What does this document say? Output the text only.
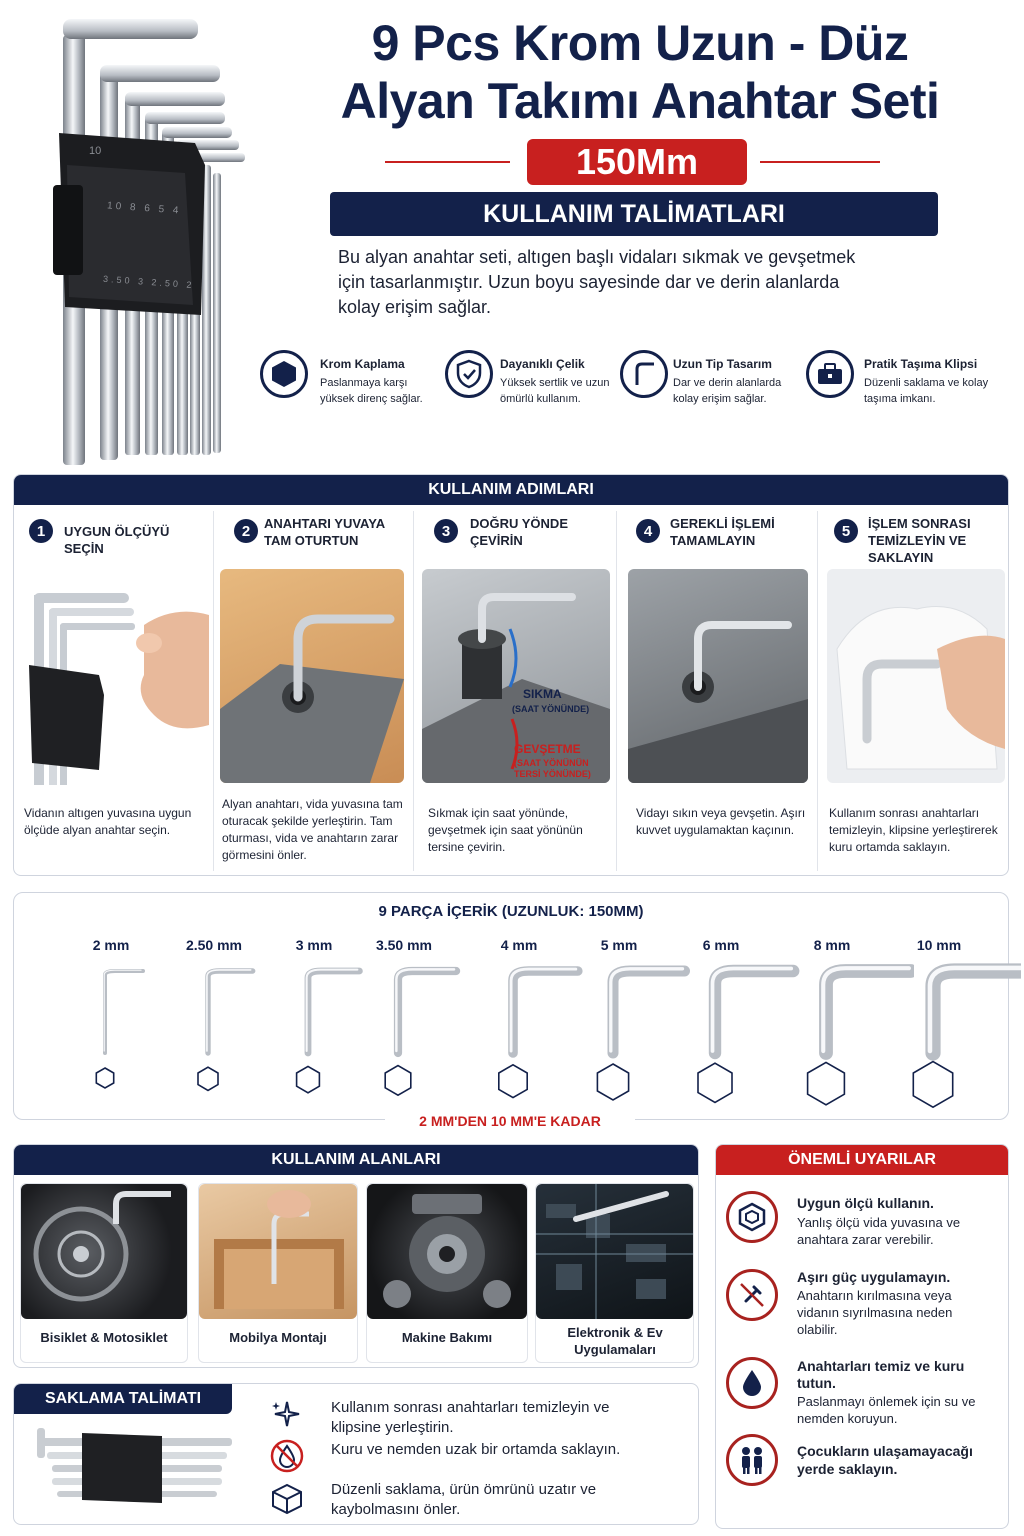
10
10 8 6 5 4
3.50 3 2.50 2
9 Pcs Krom Uzun - Düz
Alyan Takımı Anahtar Seti
150Mm
KULLANIM TALİMATLARI

Bu alyan anahtar seti, altıgen başlı vidaları sıkmak ve gevşetmek için tasarlanmıştır. Uzun boyu sayesinde dar ve derin alanlarda kolay erişim sağlar.

Krom Kaplama
Paslanmaya karşı yüksek direnç sağlar.
Dayanıklı Çelik
Yüksek sertlik ve uzun ömürlü kullanım.
Uzun Tip Tasarım
Dar ve derin alanlarda kolay erişim sağlar.
Pratik Taşıma Klipsi
Düzenli saklama ve kolay taşıma imkanı.
KULLANIM ADIMLARI
1	UYGUN ÖLÇÜYÜ SEÇİN
Vidanın altıgen yuvasına uygun ölçüde alyan anahtar seçin.
2	ANAHTARI YUVAYA TAM OTURTUN
Alyan anahtarı, vida yuvasına tam oturacak şekilde yerleştirin. Tam oturması, vida ve anahtarın zarar görmesini önler.
3	DOĞRU YÖNDE ÇEVİRİN
SIKMA
(SAAT YÖNÜNDE)
GEVŞETME
(SAAT YÖNÜNÜN
TERSİ YÖNÜNDE)
Sıkmak için saat yönünde, gevşetmek için saat yönünün tersine çevirin.
4	GEREKLİ İŞLEMİ TAMAMLAYIN
Vidayı sıkın veya gevşetin. Aşırı kuvvet uygulamaktan kaçının.
5	İŞLEM SONRASI TEMİZLEYİN VE SAKLAYIN
Kullanım sonrası anahtarları temizleyin, klipsine yerleştirerek kuru ortamda saklayın.
9 PARÇA İÇERİK (UZUNLUK: 150MM)
2 mm	2.50 mm	3 mm	3.50 mm	4 mm	5 mm	6 mm	8 mm	10 mm
2 MM'DEN 10 MM'E KADAR
KULLANIM ALANLARI
Bisiklet & Motosiklet	Mobilya Montajı	Makine Bakımı	Elektronik & Ev Uygulamaları
SAKLAMA TALİMATI
Kullanım sonrası anahtarları temizleyin ve klipsine yerleştirin.
Kuru ve nemden uzak bir ortamda saklayın.
Düzenli saklama, ürün ömrünü uzatır ve kaybolmasını önler.
ÖNEMLİ UYARILAR
Uygun ölçü kullanın.
Yanlış ölçü vida yuvasına ve anahtara zarar verebilir.
Aşırı güç uygulamayın.
Anahtarın kırılmasına veya vidanın sıyrılmasına neden olabilir.
Anahtarları temiz ve kuru tutun.
Paslanmayı önlemek için su ve nemden koruyun.
Çocukların ulaşamayacağı yerde saklayın.
